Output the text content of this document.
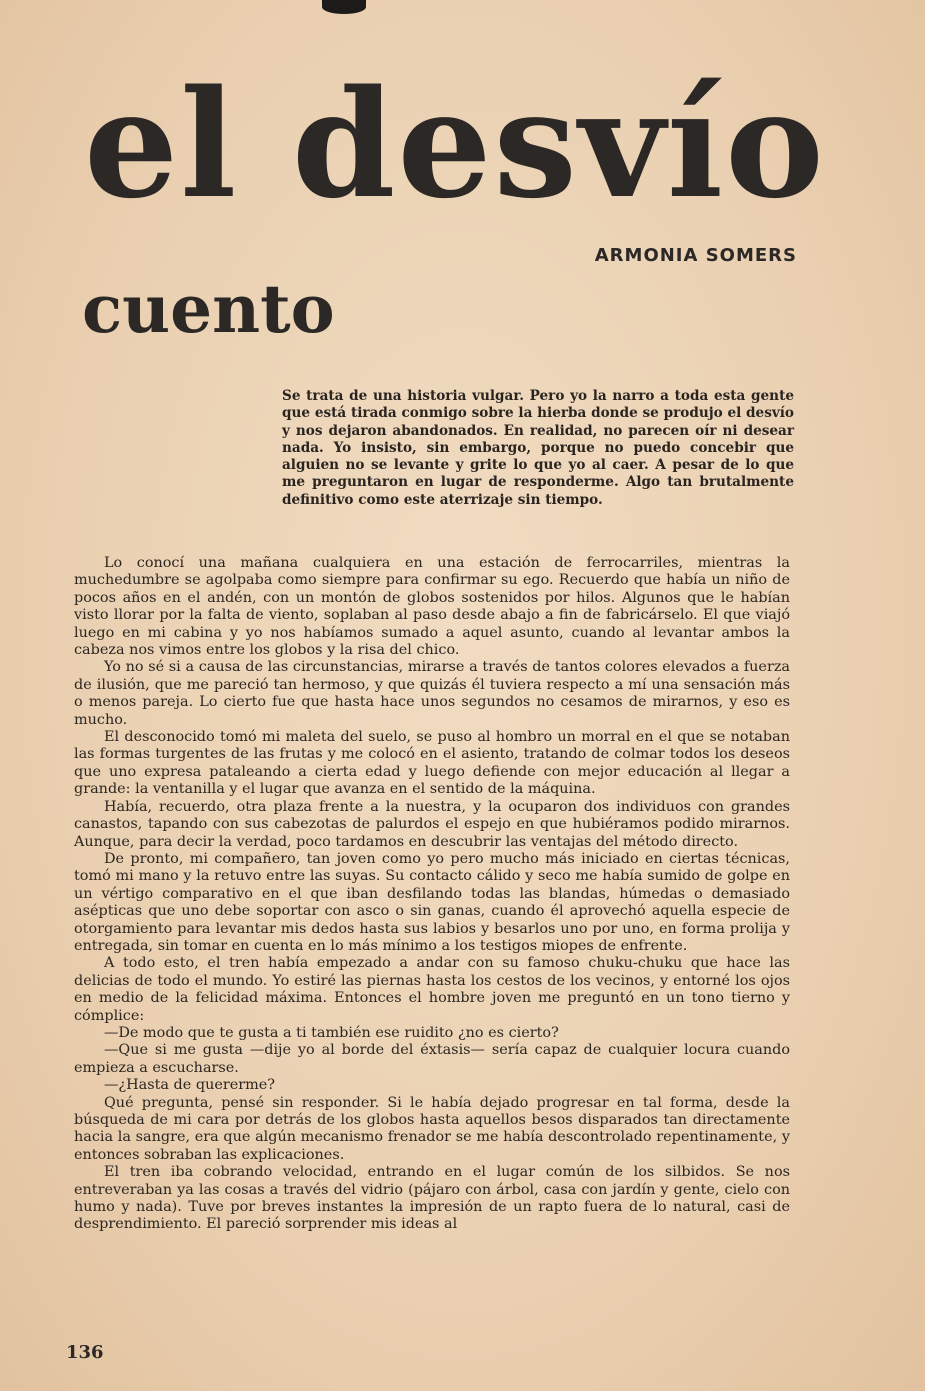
el desvío

ARMONIA SOMERS

cuento

Se trata de una historia vulgar. Pero yo la narro a toda esta gente que está tirada conmigo sobre la hierba donde se produjo el desvío y nos dejaron abandonados. En realidad, no parecen oír ni desear nada. Yo insisto, sin embargo, porque no puedo concebir que alguien no se levante y grite lo que yo al caer. A pesar de lo que me preguntaron en lugar de responderme. Algo tan brutalmente definitivo como este aterrizaje sin tiempo.

Lo conocí una mañana cualquiera en una estación de ferrocarriles, mientras la muchedumbre se agolpaba como siempre para confirmar su ego. Recuerdo que había un niño de pocos años en el andén, con un montón de globos sostenidos por hilos. Algunos que le habían visto llorar por la falta de viento, soplaban al paso desde abajo a fin de fabricárselo. El que viajó luego en mi cabina y yo nos habíamos sumado a aquel asunto, cuando al levantar ambos la cabeza nos vimos entre los globos y la risa del chico.

Yo no sé si a causa de las circunstancias, mirarse a través de tantos colores elevados a fuerza de ilusión, que me pareció tan hermoso, y que quizás él tuviera respecto a mí una sensación más o menos pareja. Lo cierto fue que hasta hace unos segundos no cesamos de mirarnos, y eso es mucho.

El desconocido tomó mi maleta del suelo, se puso al hombro un morral en el que se notaban las formas turgentes de las frutas y me colocó en el asiento, tratando de colmar todos los deseos que uno expresa pataleando a cierta edad y luego defiende con mejor educación al llegar a grande: la ventanilla y el lugar que avanza en el sentido de la máquina.

Había, recuerdo, otra plaza frente a la nuestra, y la ocuparon dos individuos con grandes canastos, tapando con sus cabezotas de palurdos el espejo en que hubiéramos podido mirarnos. Aunque, para decir la verdad, poco tardamos en descubrir las ventajas del método directo.

De pronto, mi compañero, tan joven como yo pero mucho más iniciado en ciertas técnicas, tomó mi mano y la retuvo entre las suyas. Su contacto cálido y seco me había sumido de golpe en un vértigo comparativo en el que iban desfilando todas las blandas, húmedas o demasiado asépticas que uno debe soportar con asco o sin ganas, cuando él aprovechó aquella especie de otorgamiento para levantar mis dedos hasta sus labios y besarlos uno por uno, en forma prolija y entregada, sin tomar en cuenta en lo más mínimo a los testigos miopes de enfrente.

A todo esto, el tren había empezado a andar con su famoso chuku-chuku que hace las delicias de todo el mundo. Yo estiré las piernas hasta los cestos de los vecinos, y entorné los ojos en medio de la felicidad máxima. Entonces el hombre joven me preguntó en un tono tierno y cómplice:

—De modo que te gusta a ti también ese ruidito ¿no es cierto?

—Que si me gusta —dije yo al borde del éxtasis— sería capaz de cualquier locura cuando empieza a escucharse.

—¿Hasta de quererme?

Qué pregunta, pensé sin responder. Si le había dejado progresar en tal forma, desde la búsqueda de mi cara por detrás de los globos hasta aquellos besos disparados tan directamente hacia la sangre, era que algún mecanismo frenador se me había descontrolado repentinamente, y entonces sobraban las explicaciones.

El tren iba cobrando velocidad, entrando en el lugar común de los silbidos. Se nos entreveraban ya las cosas a través del vidrio (pájaro con árbol, casa con jardín y gente, cielo con humo y nada). Tuve por breves instantes la impresión de un rapto fuera de lo natural, casi de desprendimiento. El pareció sorprender mis ideas al

136
